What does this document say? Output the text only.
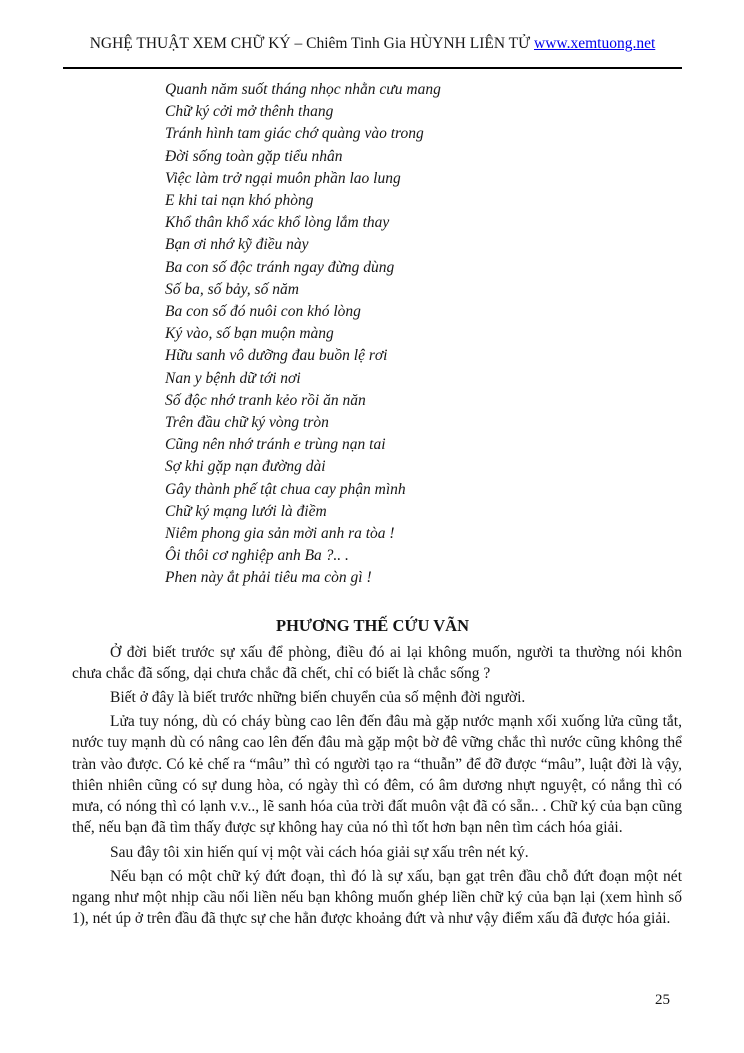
NGHỆ THUẬT XEM CHỮ KÝ – Chiêm Tinh Gia HÙYNH LIÊN TỬ www.xemtuong.net
Quanh năm suốt tháng nhọc nhằn cưu mang
Chữ ký cởi mở thênh thang
Tránh hình tam giác chớ quàng vào trong
Đời sống toàn gặp tiểu nhân
Việc làm trở ngại muôn phần lao lung
E khi tai nạn khó phòng
Khổ thân khổ xác khổ lòng lắm thay
Bạn ơi nhớ kỹ điều này
Ba con số độc tránh ngay đừng dùng
Số ba, số bảy, số năm
Ba con số đó nuôi con khó lòng
Ký vào, số bạn muộn màng
Hữu sanh vô dưỡng đau buồn lệ rơi
Nan y bệnh dữ tới nơi
Số độc nhớ tranh kẻo rồi ăn năn
Trên đầu chữ ký vòng tròn
Cũng nên nhớ tránh e trùng nạn tai
Sợ khi gặp nạn đường dài
Gây thành phế tật chua cay phận mình
Chữ ký mạng lưới là điềm
Niêm phong gia sản mời anh ra tòa !
Ôi thôi cơ nghiệp anh Ba ?.. .
Phen này ắt phải tiêu ma còn gì !
PHƯƠNG THẾ CỨU VÃN

Ở đời biết trước sự xấu để phòng, điều đó ai lại không muốn, người ta thường nói khôn chưa chắc đã sống, dại chưa chắc đã chết, chỉ có biết là chắc sống ?

Biết ở đây là biết trước những biến chuyển của số mệnh đời người.

Lửa tuy nóng, dù có cháy bùng cao lên đến đâu mà gặp nước mạnh xối xuống lửa cũng tắt, nước tuy mạnh dù có nâng cao lên đến đâu mà gặp một bờ đê vững chắc thì nước cũng không thể tràn vào được. Có kẻ chế ra “mâu” thì có người tạo ra “thuẫn” để đỡ được “mâu”, luật đời là vậy, thiên nhiên cũng có sự dung hòa, có ngày thì có đêm, có âm dương nhựt nguyệt, có nắng thì có mưa, có nóng thì có lạnh v.v.., lẽ sanh hóa của trời đất muôn vật đã có sẵn.. . Chữ ký của bạn cũng thế, nếu bạn đã tìm thấy được sự không hay của nó thì tốt hơn bạn nên tìm cách hóa giải.

Sau đây tôi xin hiến quí vị một vài cách hóa giải sự xấu trên nét ký.

Nếu bạn có một chữ ký đứt đoạn, thì đó là sự xấu, bạn gạt trên đầu chỗ đứt đoạn một nét ngang như một nhịp cầu nối liền nếu bạn không muốn ghép liền chữ ký của bạn lại (xem hình số 1), nét úp ở trên đầu đã thực sự che hẳn được khoảng đứt và như vậy điểm xấu đã được hóa giải.

25
